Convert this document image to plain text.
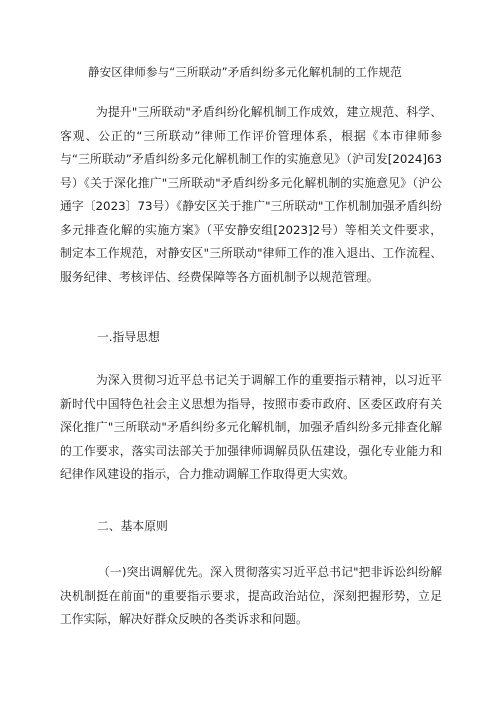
静安区律师参与“三所联动”矛盾纠纷多元化解机制的工作规范

为提升"三所联动"矛盾纠纷化解机制工作成效，建立规范、科学、客观、公正的“三所联动”律师工作评价管理体系，根据《本市律师参与“三所联动”矛盾纠纷多元化解机制工作的实施意见》（沪司发[2024]63号）《关于深化推广"三所联动"矛盾纠纷多元化解机制的实施意见》（沪公通字〔2023〕73号）《静安区关于推广"三所联动"工作机制加强矛盾纠纷多元排查化解的实施方案》（平安静安组[2023]2号）等相关文件要求，制定本工作规范，对静安区"三所联动"律师工作的准入退出、工作流程、服务纪律、考核评估、经费保障等各方面机制予以规范管理。

一.指导思想

为深入贯彻习近平总书记关于调解工作的重要指示精神，以习近平新时代中国特色社会主义思想为指导，按照市委市政府、区委区政府有关深化推广"三所联动"矛盾纠纷多元化解机制，加强矛盾纠纷多元排查化解的工作要求，落实司法部关于加强律师调解员队伍建设，强化专业能力和纪律作风建设的指示，合力推动调解工作取得更大实效。

二、基本原则

（一)突出调解优先。深入贯彻落实习近平总书记"把非诉讼纠纷解决机制挺在前面"的重要指示要求，提高政治站位，深刻把握形势，立足工作实际，解决好群众反映的各类诉求和问题。
